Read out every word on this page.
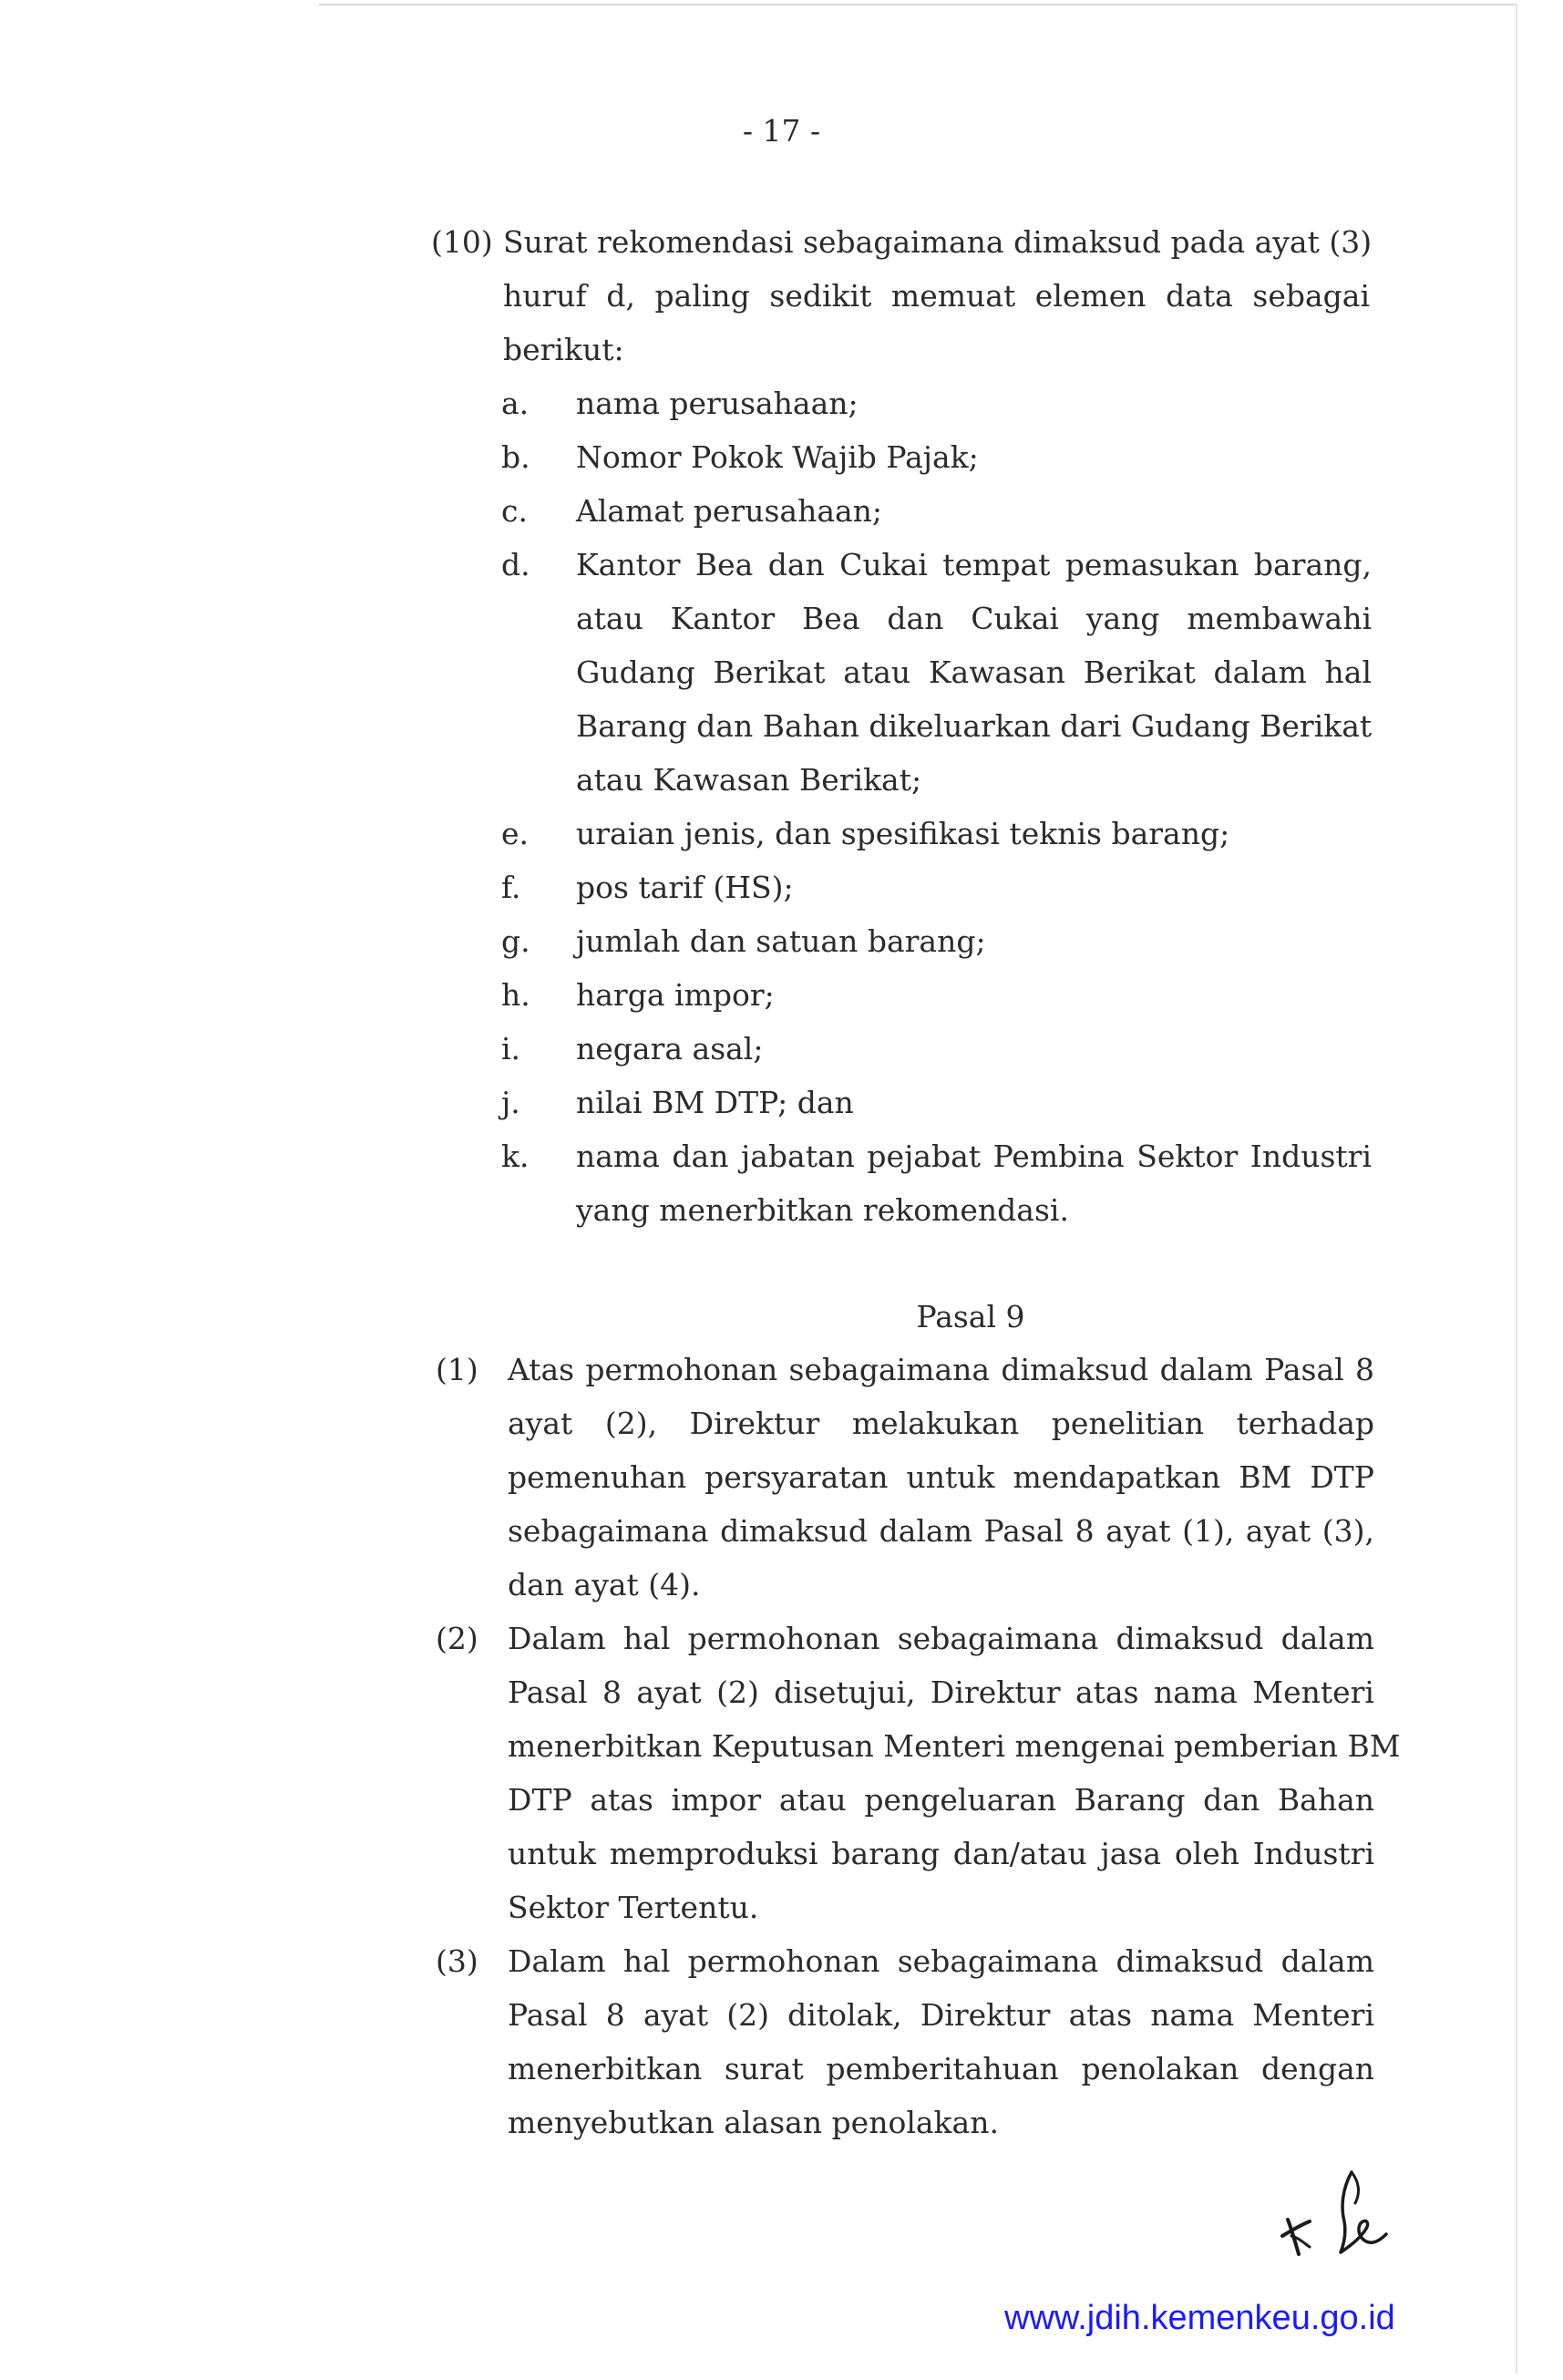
- 17 -
(10) Surat rekomendasi sebagaimana dimaksud pada ayat (3)
huruf d, paling sedikit memuat elemen data sebagai
berikut:
a. nama perusahaan;
b. Nomor Pokok Wajib Pajak;
c. Alamat perusahaan;
d. Kantor Bea dan Cukai tempat pemasukan barang,
atau Kantor Bea dan Cukai yang membawahi
Gudang Berikat atau Kawasan Berikat dalam hal
Barang dan Bahan dikeluarkan dari Gudang Berikat
atau Kawasan Berikat;
e. uraian jenis, dan spesifikasi teknis barang;
f. pos tarif (HS);
g. jumlah dan satuan barang;
h. harga impor;
i. negara asal;
j. nilai BM DTP; dan
k. nama dan jabatan pejabat Pembina Sektor Industri
yang menerbitkan rekomendasi.
Pasal 9
(1) Atas permohonan sebagaimana dimaksud dalam Pasal 8
ayat (2), Direktur melakukan penelitian terhadap
pemenuhan persyaratan untuk mendapatkan BM DTP
sebagaimana dimaksud dalam Pasal 8 ayat (1), ayat (3),
dan ayat (4).
(2) Dalam hal permohonan sebagaimana dimaksud dalam
Pasal 8 ayat (2) disetujui, Direktur atas nama Menteri
menerbitkan Keputusan Menteri mengenai pemberian BM
DTP atas impor atau pengeluaran Barang dan Bahan
untuk memproduksi barang dan/atau jasa oleh Industri
Sektor Tertentu.
(3) Dalam hal permohonan sebagaimana dimaksud dalam
Pasal 8 ayat (2) ditolak, Direktur atas nama Menteri
menerbitkan surat pemberitahuan penolakan dengan
menyebutkan alasan penolakan.
www.jdih.kemenkeu.go.id
